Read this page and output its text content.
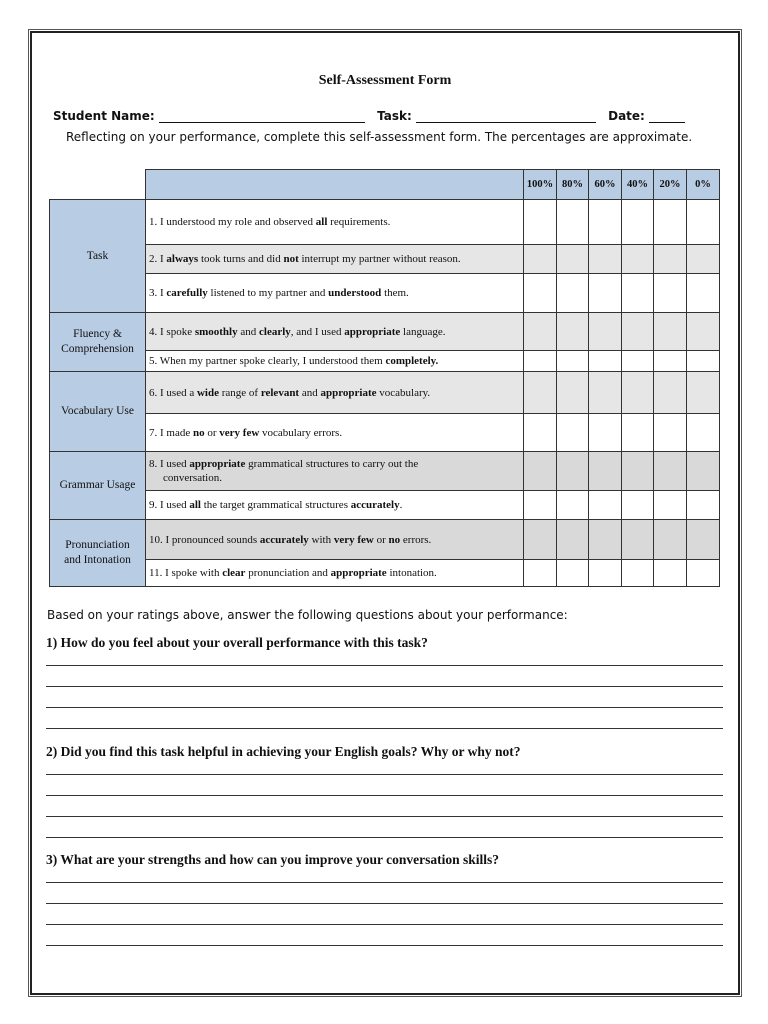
Self-Assessment Form
Student Name:	Task:	Date:
Reflecting on your performance, complete this self-assessment form. The percentages are approximate.
		100%	80%	60%	40%	20%	0%
Task	1. I understood my role and observed all requirements.						
	2. I always took turns and did not interrupt my partner without reason.						
	3. I carefully listened to my partner and understood them.						
Fluency &
Comprehension	4. I spoke smoothly and clearly, and I used appropriate language.						
	5. When my partner spoke clearly, I understood them completely.						
Vocabulary Use	6. I used a wide range of relevant and appropriate vocabulary.						
	7. I made no or very few vocabulary errors.						
Grammar Usage	8. I used appropriate grammatical structures to carry out the
conversation.						

	9. I used all the target grammatical structures accurately.						
Pronunciation
and Intonation	10. I pronounced sounds accurately with very few or no errors.						
	11. I spoke with clear pronunciation and appropriate intonation.						
Based on your ratings above, answer the following questions about your performance:
1) How do you feel about your overall performance with this task?
2) Did you find this task helpful in achieving your English goals? Why or why not?
3) What are your strengths and how can you improve your conversation skills?
